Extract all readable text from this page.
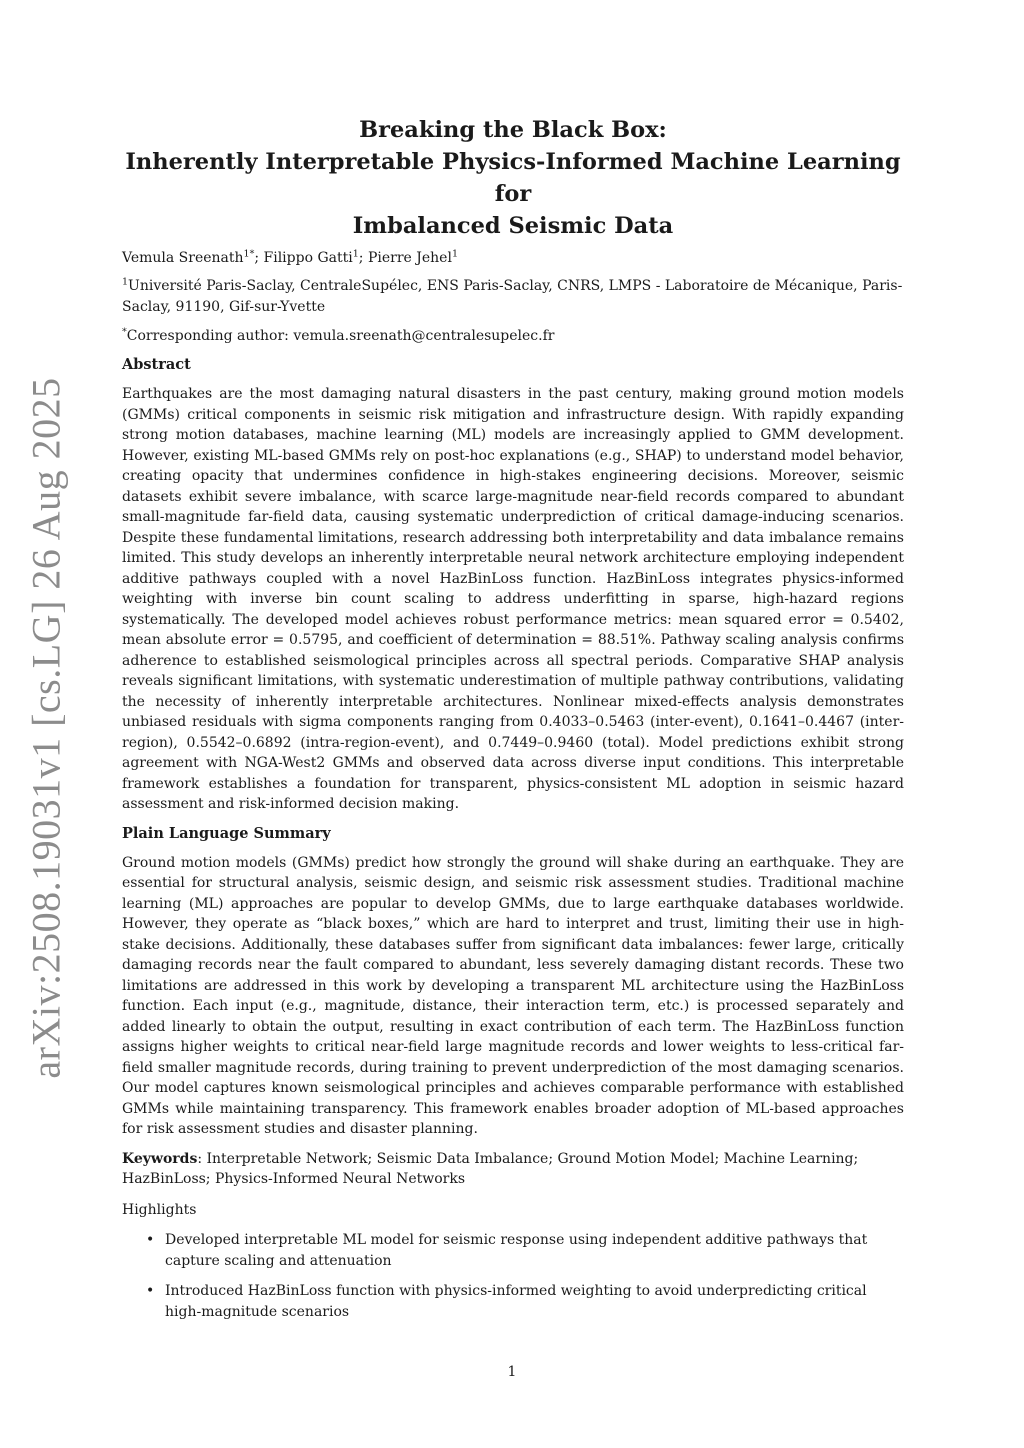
arXiv:2508.19031v1 [cs.LG] 26 Aug 2025
Breaking the Black Box:
Inherently Interpretable Physics-Informed Machine Learning for
Imbalanced Seismic Data
Vemula Sreenath$^{1*}$; Filippo Gatti$^1$; Pierre Jehel$^1$
$^1$Université Paris-Saclay, CentraleSupélec, ENS Paris-Saclay, CNRS, LMPS - Laboratoire de Mécanique, Paris- Saclay, 91190, Gif-sur-Yvette
*Corresponding author: vemula.sreenath@centralesupelec.fr
Abstract

Earthquakes are the most damaging natural disasters in the past century, making ground motion models (GMMs) critical components in seismic risk mitigation and infrastructure design. With rapidly expanding strong motion databases, machine learning (ML) models are increasingly applied to GMM development. However, existing ML-based GMMs rely on post-hoc explanations (e.g., SHAP) to understand model behavior, creating opacity that undermines confidence in high-stakes engineering decisions. Moreover, seismic datasets exhibit severe imbalance, with scarce large-magnitude near-field records compared to abundant small-magnitude far-field data, causing systematic underprediction of critical damage-inducing scenarios. Despite these fundamental limitations, research addressing both interpretability and data imbalance remains limited. This study develops an inherently interpretable neural network architecture employing independent additive pathways coupled with a novel HazBinLoss function. HazBinLoss integrates physics-informed weighting with inverse bin count scaling to address underfitting in sparse, high-hazard regions systematically. The developed model achieves robust performance metrics: mean squared error = 0.5402, mean absolute error = 0.5795, and coefficient of determination = 88.51%. Pathway scaling analysis confirms adherence to established seismological principles across all spectral periods. Comparative SHAP analysis reveals significant limitations, with systematic underestimation of multiple pathway contributions, validating the necessity of inherently interpretable architectures. Nonlinear mixed-effects analysis demonstrates unbiased residuals with sigma components ranging from 0.4033–0.5463 (inter-event), 0.1641–0.4467 (inter-region), 0.5542–0.6892 (intra-region-event), and 0.7449–0.9460 (total). Model predictions exhibit strong agreement with NGA-West2 GMMs and observed data across diverse input conditions. This interpretable framework establishes a foundation for transparent, physics-consistent ML adoption in seismic hazard assessment and risk-informed decision making.

Plain Language Summary

Ground motion models (GMMs) predict how strongly the ground will shake during an earthquake. They are essential for structural analysis, seismic design, and seismic risk assessment studies. Traditional machine learning (ML) approaches are popular to develop GMMs, due to large earthquake databases worldwide. However, they operate as “black boxes,” which are hard to interpret and trust, limiting their use in high-stake decisions. Additionally, these databases suffer from significant data imbalances: fewer large, critically damaging records near the fault compared to abundant, less severely damaging distant records. These two limitations are addressed in this work by developing a transparent ML architecture using the HazBinLoss function. Each input (e.g., magnitude, distance, their interaction term, etc.) is processed separately and added linearly to obtain the output, resulting in exact contribution of each term. The HazBinLoss function assigns higher weights to critical near-field large magnitude records and lower weights to less-critical far-field smaller magnitude records, during training to prevent underprediction of the most damaging scenarios. Our model captures known seismological principles and achieves comparable performance with established GMMs while maintaining transparency. This framework enables broader adoption of ML-based approaches for risk assessment studies and disaster planning.

Keywords: Interpretable Network; Seismic Data Imbalance; Ground Motion Model; Machine Learning; HazBinLoss; Physics-Informed Neural Networks
Highlights
• Developed interpretable ML model for seismic response using independent additive pathways that capture scaling and attenuation
• Introduced HazBinLoss function with physics-informed weighting to avoid underpredicting critical high-magnitude scenarios
1
